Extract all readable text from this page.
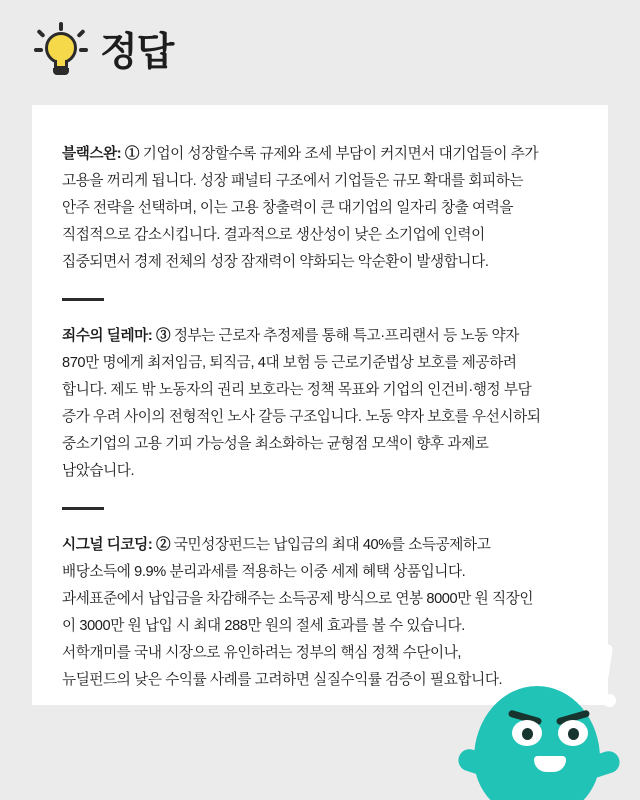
정답

블랙스완: ① 기업이 성장할수록 규제와 조세 부담이 커지면서 대기업들이 추가
고용을 꺼리게 됩니다. 성장 패널티 구조에서 기업들은 규모 확대를 회피하는
안주 전략을 선택하며, 이는 고용 창출력이 큰 대기업의 일자리 창출 여력을
직접적으로 감소시킵니다. 결과적으로 생산성이 낮은 소기업에 인력이
집중되면서 경제 전체의 성장 잠재력이 약화되는 악순환이 발생합니다.

죄수의 딜레마: ③ 정부는 근로자 추정제를 통해 특고·프리랜서 등 노동 약자
870만 명에게 최저임금, 퇴직금, 4대 보험 등 근로기준법상 보호를 제공하려
합니다. 제도 밖 노동자의 권리 보호라는 정책 목표와 기업의 인건비·행정 부담
증가 우려 사이의 전형적인 노사 갈등 구조입니다. 노동 약자 보호를 우선시하되
중소기업의 고용 기피 가능성을 최소화하는 균형점 모색이 향후 과제로
남았습니다.

시그널 디코딩: ② 국민성장펀드는 납입금의 최대 40%를 소득공제하고
배당소득에 9.9% 분리과세를 적용하는 이중 세제 혜택 상품입니다.
과세표준에서 납입금을 차감해주는 소득공제 방식으로 연봉 8000만 원 직장인
이 3000만 원 납입 시 최대 288만 원의 절세 효과를 볼 수 있습니다.
서학개미를 국내 시장으로 유인하려는 정부의 핵심 정책 수단이나,
뉴딜펀드의 낮은 수익률 사례를 고려하면 실질수익률 검증이 필요합니다.
